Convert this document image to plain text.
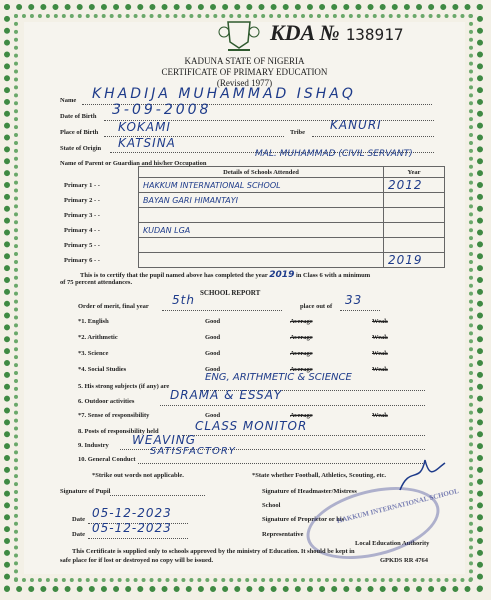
KDA № 138917
KADUNA STATE OF NIGERIA
CERTIFICATE OF PRIMARY EDUCATION
(Revised 1977)
Name KHADIJA MUHAMMAD ISHAQ
Date of Birth 3-09-2008
Place of Birth KOKAMI	Tribe
KANURI
State of Origin KATSINA
Name of Parent or Guardian and his/her Occupation
MAL. MUHAMMAD (CIVIL SERVANT)
	Details of Schools Attended	Year
Primary 1 - -	HAKKUM INTERNATIONAL SCHOOL	2012
Primary 2 - -	BAYAN GARI HIMANTAYI	
Primary 3 - -		
Primary 4 - -	KUDAN LGA	
Primary 5 - -		
Primary 6 - -		2019
This is to certify that the pupil named above has completed the year 2019 in Class 6 with a minimum
of 75 percent attendances.
SCHOOL REPORT
Order of merit, final year 5th	place out of 33
*1. English	Good	Average	Weak
*2. Arithmetic	Good	Average	Weak
*3. Science	Good	Average	Weak
*4. Social Studies	Good	Average	Weak
5. His strong subjects (if any) are
ENG, ARITHMETIC & SCIENCE
6. Outdoor activities	DRAMA & ESSAY
*7. Sense of responsibility	Good	Average	Weak
8. Posts of responsibility held	CLASS MONITOR
9. Industry WEAVING
10. General Conduct
SATISFACTORY
*Strike out words not applicable.	*State whether Football, Athletics, Scouting, etc.
Signature of Pupil	Signature of Headmaster/Mistress
School
Date 05-12-2023
Date 05-12-2023
Signature of Proprietor or his
Representative
Local Education Authority
HAKKUM INTERNATIONAL SCHOOL
This Certificate is supplied only to schools approved by the ministry of Education. It should be kept in
safe place for if lost or destroyed no copy will be issued.	GPKDS RR 4764
